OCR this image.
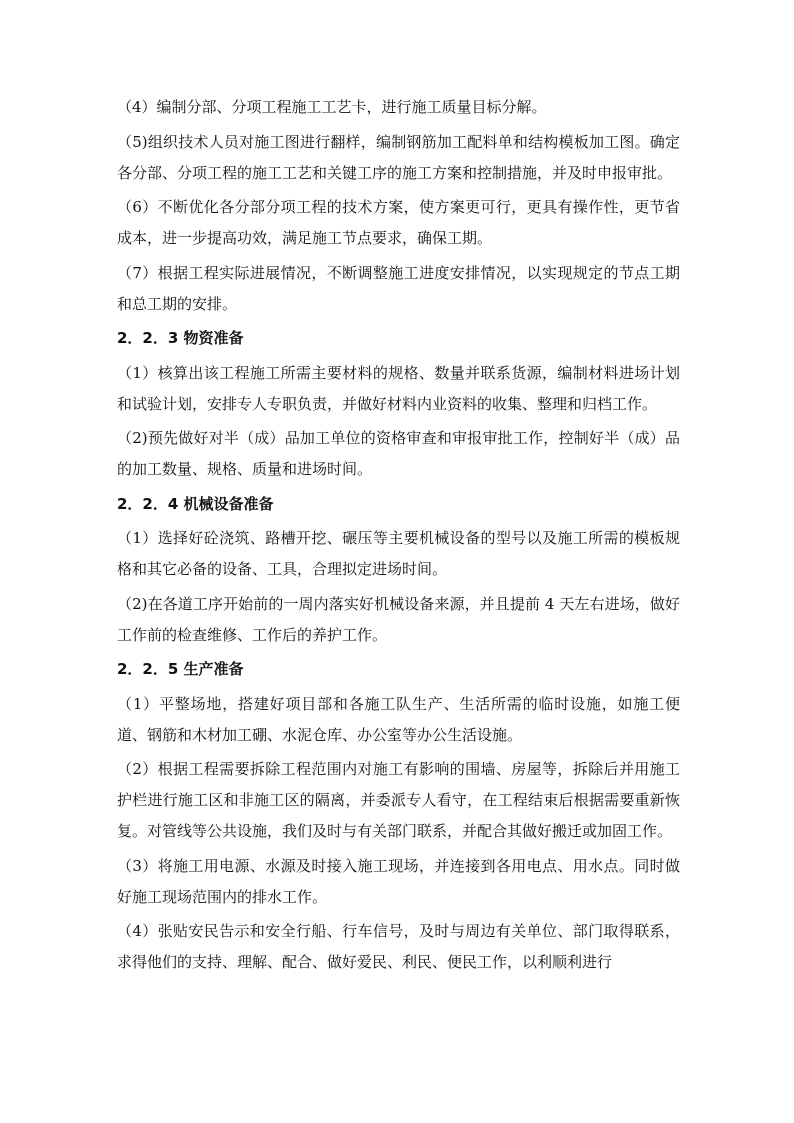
（4）编制分部、分项工程施工工艺卡，进行施工质量目标分解。

（5)组织技术人员对施工图进行翻样，编制钢筋加工配料单和结构模板加工图。确定各分部、分项工程的施工工艺和关键工序的施工方案和控制措施，并及时申报审批。

（6）不断优化各分部分项工程的技术方案，使方案更可行，更具有操作性，更节省成本，进一步提高功效，满足施工节点要求，确保工期。

（7）根据工程实际进展情况，不断调整施工进度安排情况，以实现规定的节点工期和总工期的安排。

2．2．3 物资准备

（1）核算出该工程施工所需主要材料的规格、数量并联系货源，编制材料进场计划和试验计划，安排专人专职负责，并做好材料内业资料的收集、整理和归档工作。

（2)预先做好对半（成）品加工单位的资格审查和审报审批工作，控制好半（成）品的加工数量、规格、质量和进场时间。

2．2．4 机械设备准备

（1）选择好砼浇筑、路槽开挖、碾压等主要机械设备的型号以及施工所需的模板规格和其它必备的设备、工具，合理拟定进场时间。

（2)在各道工序开始前的一周内落实好机械设备来源，并且提前 4 天左右进场，做好工作前的检查维修、工作后的养护工作。

2．2．5 生产准备

（1）平整场地，搭建好项目部和各施工队生产、生活所需的临时设施，如施工便道、钢筋和木材加工硼、水泥仓库、办公室等办公生活设施。

（2）根据工程需要拆除工程范围内对施工有影响的围墙、房屋等，拆除后并用施工护栏进行施工区和非施工区的隔离，并委派专人看守，在工程结束后根据需要重新恢复。对管线等公共设施，我们及时与有关部门联系，并配合其做好搬迁或加固工作。

（3）将施工用电源、水源及时接入施工现场，并连接到各用电点、用水点。同时做好施工现场范围内的排水工作。

（4）张贴安民告示和安全行船、行车信号，及时与周边有关单位、部门取得联系，求得他们的支持、理解、配合、做好爱民、利民、便民工作，以利顺利进行
